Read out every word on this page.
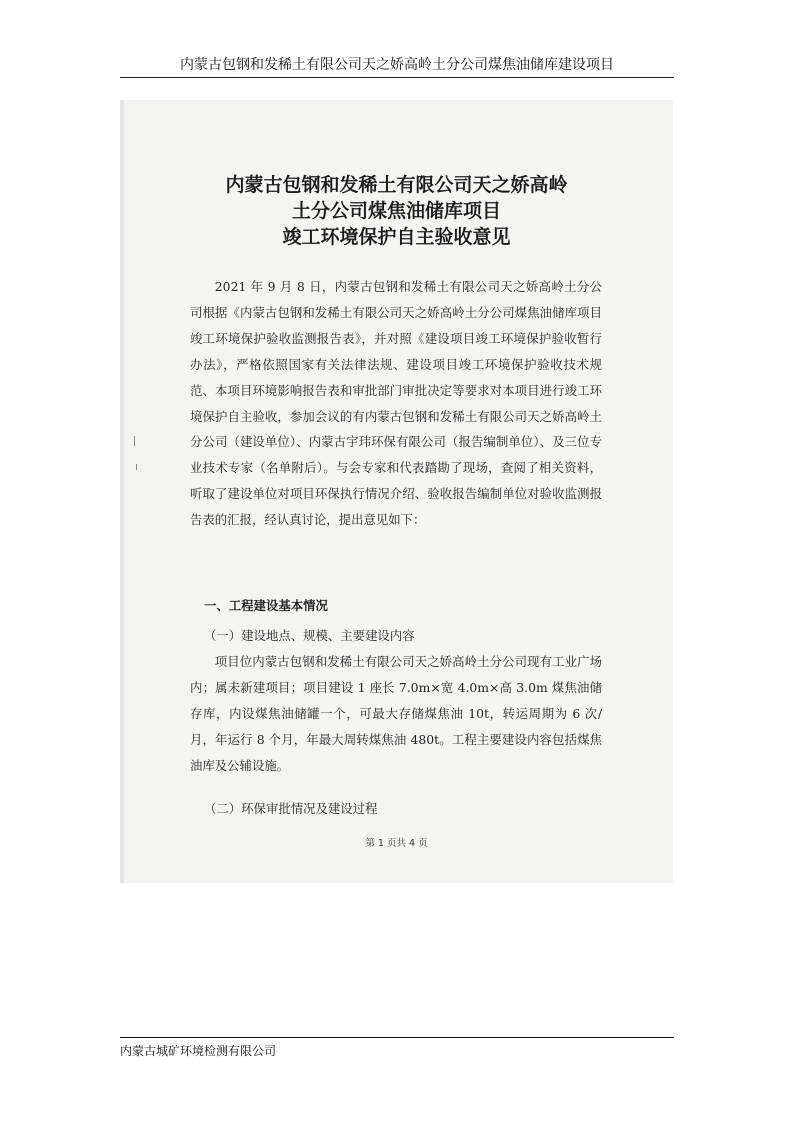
内蒙古包钢和发稀土有限公司天之娇高岭土分公司煤焦油储库建设项目
内蒙古包钢和发稀土有限公司天之娇高岭
土分公司煤焦油储库项目
竣工环境保护自主验收意见

2021 年 9 月 8 日，内蒙古包钢和发稀土有限公司天之娇高岭土分公司根据《内蒙古包钢和发稀土有限公司天之娇高岭土分公司煤焦油储库项目竣工环境保护验收监测报告表》，并对照《建设项目竣工环境保护验收暂行办法》，严格依照国家有关法律法规、建设项目竣工环境保护验收技术规范、本项目环境影响报告表和审批部门审批决定等要求对本项目进行竣工环境保护自主验收，参加会议的有内蒙古包钢和发稀土有限公司天之娇高岭土分公司（建设单位）、内蒙古宇玮环保有限公司（报告编制单位）、及三位专业技术专家（名单附后）。与会专家和代表踏勘了现场，查阅了相关资料，听取了建设单位对项目环保执行情况介绍、验收报告编制单位对验收监测报告表的汇报，经认真讨论，提出意见如下：

一、工程建设基本情况
（一）建设地点、规模、主要建设内容

项目位内蒙古包钢和发稀土有限公司天之娇高岭土分公司现有工业广场内；属未新建项目；项目建设 1 座长 7.0m×宽 4.0m×高 3.0m 煤焦油储存库，内设煤焦油储罐一个，可最大存储煤焦油 10t，转运周期为 6 次/月，年运行 8 个月，年最大周转煤焦油 480t。工程主要建设内容包括煤焦油库及公辅设施。

（二）环保审批情况及建设过程
第 1 页共 4 页
内蒙古城矿环境检测有限公司
